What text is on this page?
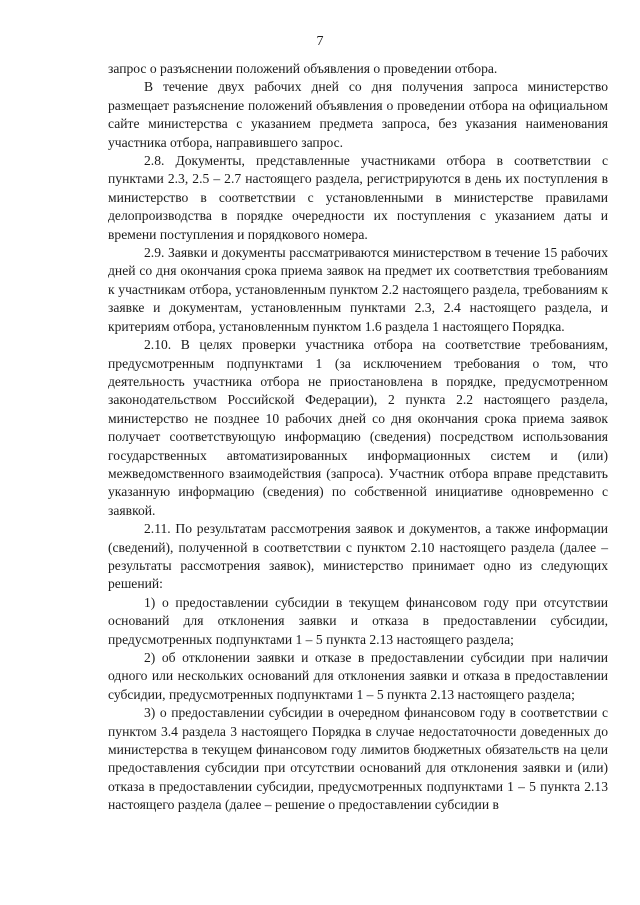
7

запрос о разъяснении положений объявления о проведении отбора.

В течение двух рабочих дней со дня получения запроса министерство размещает разъяснение положений объявления о проведении отбора на официальном сайте министерства с указанием предмета запроса, без указания наименования участника отбора, направившего запрос.

2.8. Документы, представленные участниками отбора в соответствии с пунктами 2.3, 2.5 – 2.7 настоящего раздела, регистрируются в день их поступления в министерство в соответствии с установленными в министерстве правилами делопроизводства в порядке очередности их поступления с указанием даты и времени поступления и порядкового номера.

2.9. Заявки и документы рассматриваются министерством в течение 15 рабочих дней со дня окончания срока приема заявок на предмет их соответствия требованиям к участникам отбора, установленным пунктом 2.2 настоящего раздела, требованиям к заявке и документам, установленным пунктами 2.3, 2.4 настоящего раздела, и критериям отбора, установленным пунктом 1.6 раздела 1 настоящего Порядка.

2.10. В целях проверки участника отбора на соответствие требованиям, предусмотренным подпунктами 1 (за исключением требования о том, что деятельность участника отбора не приостановлена в порядке, предусмотренном законодательством Российской Федерации), 2 пункта 2.2 настоящего раздела, министерство не позднее 10 рабочих дней со дня окончания срока приема заявок получает соответствующую информацию (сведения) посредством использования государственных автоматизированных информационных систем и (или) межведомственного взаимодействия (запроса). Участник отбора вправе представить указанную информацию (сведения) по собственной инициативе одновременно с заявкой.

2.11. По результатам рассмотрения заявок и документов, а также информации (сведений), полученной в соответствии с пунктом 2.10 настоящего раздела (далее – результаты рассмотрения заявок), министерство принимает одно из следующих решений:

1) о предоставлении субсидии в текущем финансовом году при отсутствии оснований для отклонения заявки и отказа в предоставлении субсидии, предусмотренных подпунктами 1 – 5 пункта 2.13 настоящего раздела;

2) об отклонении заявки и отказе в предоставлении субсидии при наличии одного или нескольких оснований для отклонения заявки и отказа в предоставлении субсидии, предусмотренных подпунктами 1 – 5 пункта 2.13 настоящего раздела;

3) о предоставлении субсидии в очередном финансовом году в соответствии с пунктом 3.4 раздела 3 настоящего Порядка в случае недостаточности доведенных до министерства в текущем финансовом году лимитов бюджетных обязательств на цели предоставления субсидии при отсутствии оснований для отклонения заявки и (или) отказа в предоставлении субсидии, предусмотренных подпунктами 1 – 5 пункта 2.13 настоящего раздела (далее – решение о предоставлении субсидии в
